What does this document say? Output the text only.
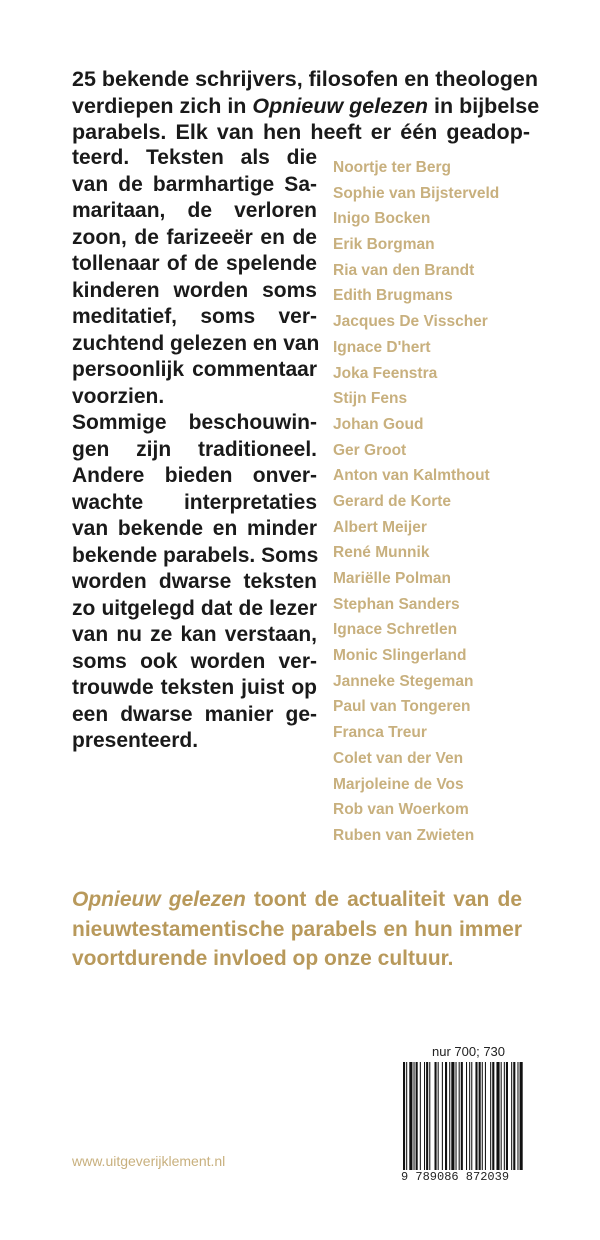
25 bekende schrijvers, filosofen en theologen
verdiepen zich in Opnieuw gelezen in bijbelse
parabels. Elk van hen heeft er één geadop-
teerd. Teksten als die
van de barmhartige Sa-
maritaan, de verloren
zoon, de farizeeër en de
tollenaar of de spelende
kinderen worden soms
meditatief, soms ver-
zuchtend gelezen en van
persoonlijk commentaar
voorzien.
Sommige beschouwin-
gen zijn traditioneel.
Andere bieden onver-
wachte interpretaties
van bekende en minder
bekende parabels. Soms
worden dwarse teksten
zo uitgelegd dat de lezer
van nu ze kan verstaan,
soms ook worden ver-
trouwde teksten juist op
een dwarse manier ge-
presenteerd.
Noortje ter Berg
Sophie van Bijsterveld
Inigo Bocken
Erik Borgman
Ria van den Brandt
Edith Brugmans
Jacques De Visscher
Ignace D'hert
Joka Feenstra
Stijn Fens
Johan Goud
Ger Groot
Anton van Kalmthout
Gerard de Korte
Albert Meijer
René Munnik
Mariëlle Polman
Stephan Sanders
Ignace Schretlen
Monic Slingerland
Janneke Stegeman
Paul van Tongeren
Franca Treur
Colet van der Ven
Marjoleine de Vos
Rob van Woerkom
Ruben van Zwieten
Opnieuw gelezen toont de actualiteit van de
nieuwtestamentische parabels en hun immer
voortdurende invloed op onze cultuur.
nur 700; 730
9 789086 872039
www.uitgeverijklement.nl
